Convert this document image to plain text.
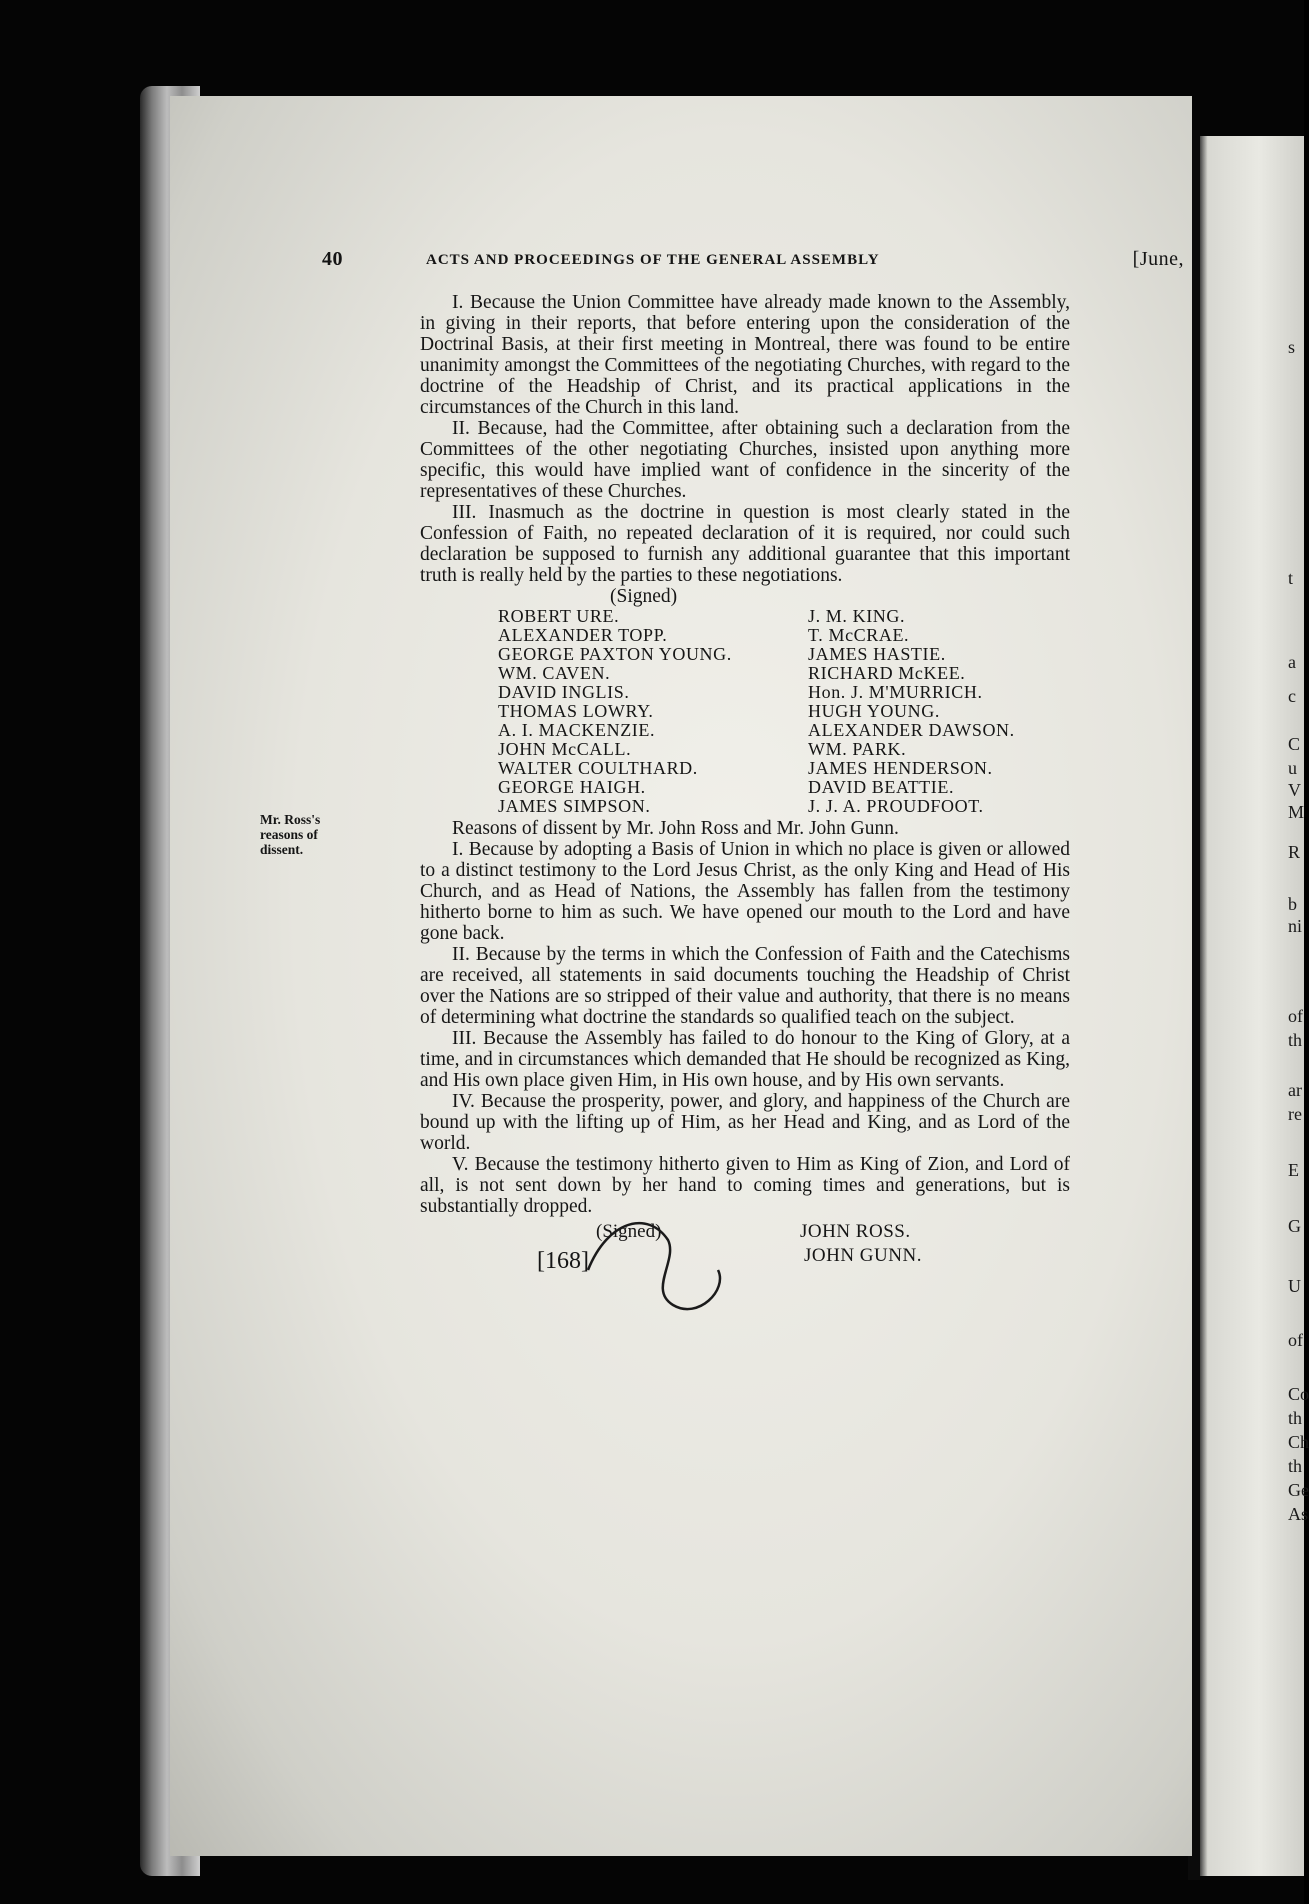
s
t
a
c
C
u
V
M
R
b
ni
of
th
ar
re
E
G
U
of
Co
th
Ch
th
Ge
As
40	ACTS AND PROCEEDINGS OF THE GENERAL ASSEMBLY	[June,
Mr. Ross's reasons of dissent.

I. Because the Union Committee have already made known to the Assembly, in giving in their reports, that before entering upon the consideration of the Doctrinal Basis, at their first meeting in Montreal, there was found to be entire unanimity amongst the Committees of the negotiating Churches, with regard to the doctrine of the Headship of Christ, and its practical applications in the circumstances of the Church in this land.

II. Because, had the Committee, after obtaining such a declaration from the Committees of the other negotiating Churches, insisted upon anything more specific, this would have implied want of confidence in the sincerity of the representatives of these Churches.

III. Inasmuch as the doctrine in question is most clearly stated in the Confession of Faith, no repeated declaration of it is required, nor could such declaration be supposed to furnish any additional guarantee that this important truth is really held by the parties to these negotiations.

(Signed)

ROBERT URE.	J. M. KING.
ALEXANDER TOPP.	T. McCRAE.
GEORGE PAXTON YOUNG.	JAMES HASTIE.
WM. CAVEN.	RICHARD McKEE.
DAVID INGLIS.	Hon. J. M'MURRICH.
THOMAS LOWRY.	HUGH YOUNG.
A. I. MACKENZIE.	ALEXANDER DAWSON.
JOHN McCALL.	WM. PARK.
WALTER COULTHARD.	JAMES HENDERSON.
GEORGE HAIGH.	DAVID BEATTIE.
JAMES SIMPSON.	J. J. A. PROUDFOOT.

Reasons of dissent by Mr. John Ross and Mr. John Gunn.

I. Because by adopting a Basis of Union in which no place is given or allowed to a distinct testimony to the Lord Jesus Christ, as the only King and Head of His Church, and as Head of Nations, the Assembly has fallen from the testimony hitherto borne to him as such. We have opened our mouth to the Lord and have gone back.

II. Because by the terms in which the Confession of Faith and the Catechisms are received, all statements in said documents touching the Headship of Christ over the Nations are so stripped of their value and authority, that there is no means of determining what doctrine the standards so qualified teach on the subject.

III. Because the Assembly has failed to do honour to the King of Glory, at a time, and in circumstances which demanded that He should be recognized as King, and His own place given Him, in His own house, and by His own servants.

IV. Because the prosperity, power, and glory, and happiness of the Church are bound up with the lifting up of Him, as her Head and King, and as Lord of the world.

V. Because the testimony hitherto given to Him as King of Zion, and Lord of all, is not sent down by her hand to coming times and generations, but is substantially dropped.

(Signed)	JOHN ROSS.
JOHN GUNN.
[168]
